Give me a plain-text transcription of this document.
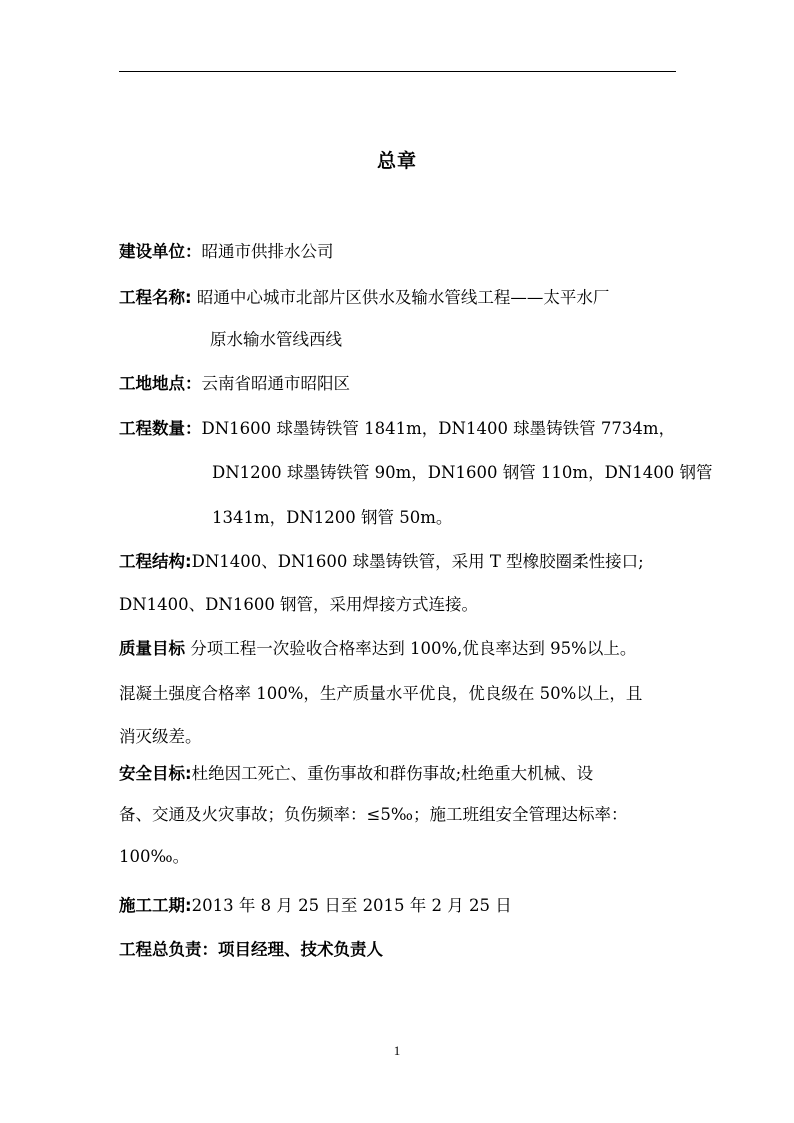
总章
建设单位：昭通市供排水公司
工程名称: 昭通中心城市北部片区供水及输水管线工程——太平水厂
原水输水管线西线
工地地点：云南省昭通市昭阳区
工程数量：DN1600 球墨铸铁管 1841m，DN1400 球墨铸铁管 7734m，
DN1200 球墨铸铁管 90m，DN1600 钢管 110m，DN1400 钢管
1341m，DN1200 钢管 50m。
工程结构:DN1400、DN1600 球墨铸铁管，采用 T 型橡胶圈柔性接口;
DN1400、DN1600 钢管，采用焊接方式连接。
质量目标 分项工程一次验收合格率达到 100%,优良率达到 95%以上。
混凝土强度合格率 100%，生产质量水平优良，优良级在 50%以上，且
消灭级差。
安全目标:杜绝因工死亡、重伤事故和群伤事故;杜绝重大机械、设
备、交通及火灾事故；负伤频率：≤5‰；施工班组安全管理达标率：
100‰。
施工工期:2013 年 8 月 25 日至 2015 年 2 月 25 日
工程总负责：项目经理、技术负责人
1
